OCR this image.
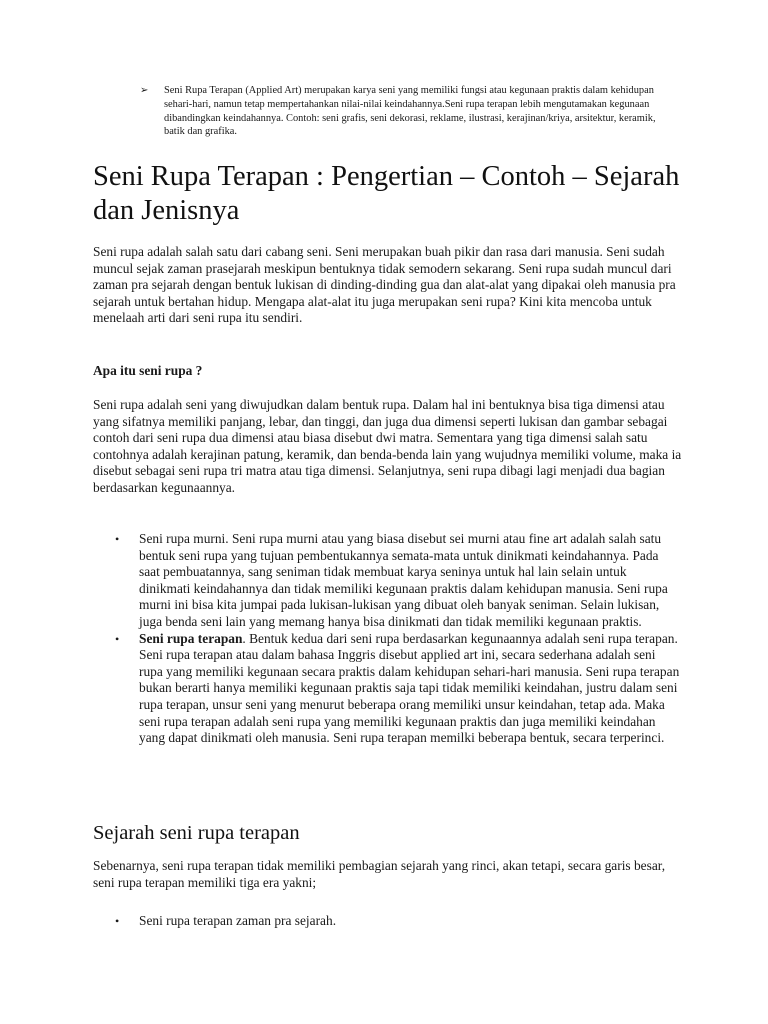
➢ Seni Rupa Terapan (Applied Art) merupakan karya seni yang memiliki fungsi atau kegunaan praktis dalam kehidupan sehari-hari, namun tetap mempertahankan nilai-nilai keindahannya.Seni rupa terapan lebih mengutamakan kegunaan dibandingkan keindahannya. Contoh: seni grafis, seni dekorasi, reklame, ilustrasi, kerajinan/kriya, arsitektur, keramik, batik dan grafika.
Seni Rupa Terapan : Pengertian – Contoh – Sejarah dan Jenisnya

Seni rupa adalah salah satu dari cabang seni. Seni merupakan buah pikir dan rasa dari manusia. Seni sudah muncul sejak zaman prasejarah meskipun bentuknya tidak semodern sekarang. Seni rupa sudah muncul dari zaman pra sejarah dengan bentuk lukisan di dinding-dinding gua dan alat-alat yang dipakai oleh manusia pra sejarah untuk bertahan hidup. Mengapa alat-alat itu juga merupakan seni rupa? Kini kita mencoba untuk menelaah arti dari seni rupa itu sendiri.

Apa itu seni rupa ?

Seni rupa adalah seni yang diwujudkan dalam bentuk rupa. Dalam hal ini bentuknya bisa tiga dimensi atau yang sifatnya memiliki panjang, lebar, dan tinggi, dan juga dua dimensi seperti lukisan dan gambar sebagai contoh dari seni rupa dua dimensi atau biasa disebut dwi matra. Sementara yang tiga dimensi salah satu contohnya adalah kerajinan patung, keramik, dan benda-benda lain yang wujudnya memiliki volume, maka ia disebut sebagai seni rupa tri matra atau tiga dimensi. Selanjutnya, seni rupa dibagi lagi menjadi dua bagian berdasarkan kegunaannya.

• Seni rupa murni. Seni rupa murni atau yang biasa disebut sei murni atau fine art adalah salah satu bentuk seni rupa yang tujuan pembentukannya semata-mata untuk dinikmati keindahannya. Pada saat pembuatannya, sang seniman tidak membuat karya seninya untuk hal lain selain untuk dinikmati keindahannya dan tidak memiliki kegunaan praktis dalam kehidupan manusia. Seni rupa murni ini bisa kita jumpai pada lukisan-lukisan yang dibuat oleh banyak seniman. Selain lukisan, juga benda seni lain yang memang hanya bisa dinikmati dan tidak memiliki kegunaan praktis.
• Seni rupa terapan. Bentuk kedua dari seni rupa berdasarkan kegunaannya adalah seni rupa terapan. Seni rupa terapan atau dalam bahasa Inggris disebut applied art ini, secara sederhana adalah seni rupa yang memiliki kegunaan secara praktis dalam kehidupan sehari-hari manusia. Seni rupa terapan bukan berarti hanya memiliki kegunaan praktis saja tapi tidak memiliki keindahan, justru dalam seni rupa terapan, unsur seni yang menurut beberapa orang memiliki unsur keindahan, tetap ada. Maka seni rupa terapan adalah seni rupa yang memiliki kegunaan praktis dan juga memiliki keindahan yang dapat dinikmati oleh manusia. Seni rupa terapan memilki beberapa bentuk, secara terperinci.
Sejarah seni rupa terapan

Sebenarnya, seni rupa terapan tidak memiliki pembagian sejarah yang rinci, akan tetapi, secara garis besar, seni rupa terapan memiliki tiga era yakni;

• Seni rupa terapan zaman pra sejarah.
